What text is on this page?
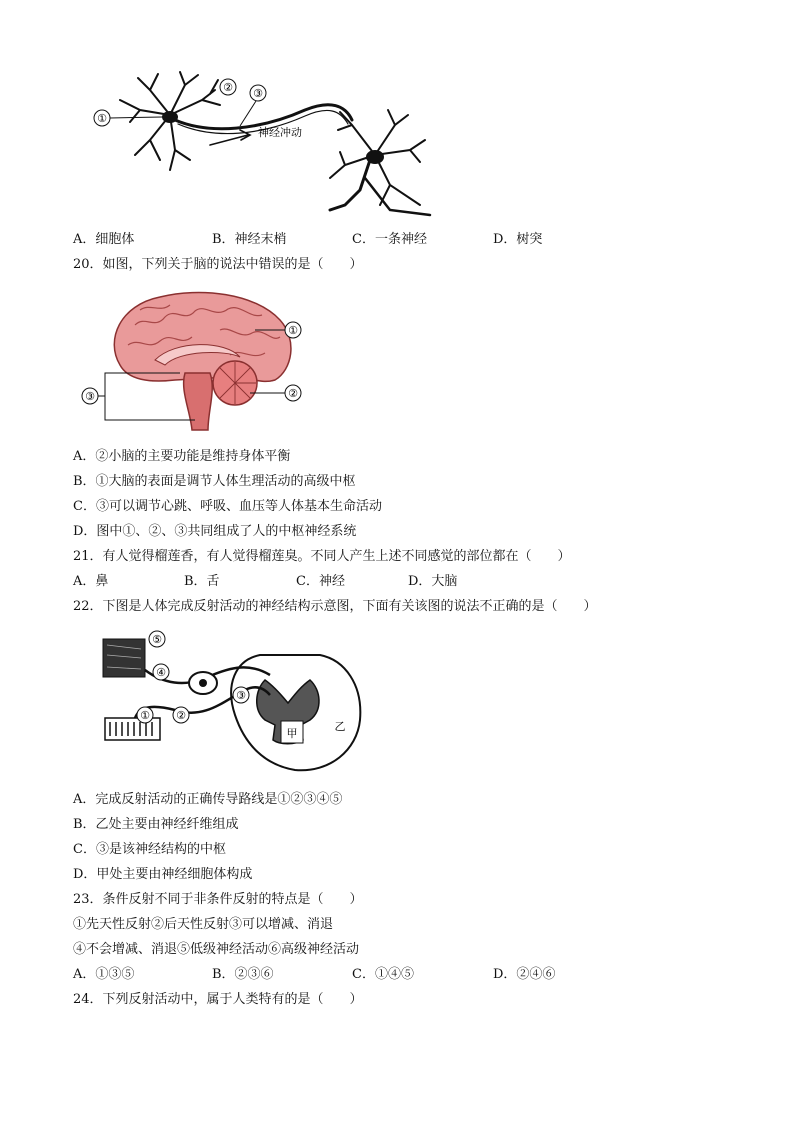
①
② ③
神经冲动
A．细胞体	B．神经末梢	C．一条神经	D．树突
20．如图，下列关于脑的说法中错误的是（　　）
①
②
③
A．②小脑的主要功能是维持身体平衡
B．①大脑的表面是调节人体生理活动的高级中枢
C．③可以调节心跳、呼吸、血压等人体基本生命活动
D．图中①、②、③共同组成了人的中枢神经系统
21．有人觉得榴莲香，有人觉得榴莲臭。不同人产生上述不同感觉的部位都在（　　）
A．鼻	B．舌	C．神经	D．大脑
22．下图是人体完成反射活动的神经结构示意图，下面有关该图的说法不正确的是（　　）
甲
乙
⑤
④
③
②
①
A．完成反射活动的正确传导路线是①②③④⑤
B．乙处主要由神经纤维组成
C．③是该神经结构的中枢
D．甲处主要由神经细胞体构成
23．条件反射不同于非条件反射的特点是（　　）
①先天性反射②后天性反射③可以增减、消退
④不会增减、消退⑤低级神经活动⑥高级神经活动
A．①③⑤	B．②③⑥	C．①④⑤	D．②④⑥
24．下列反射活动中，属于人类特有的是（　　）
